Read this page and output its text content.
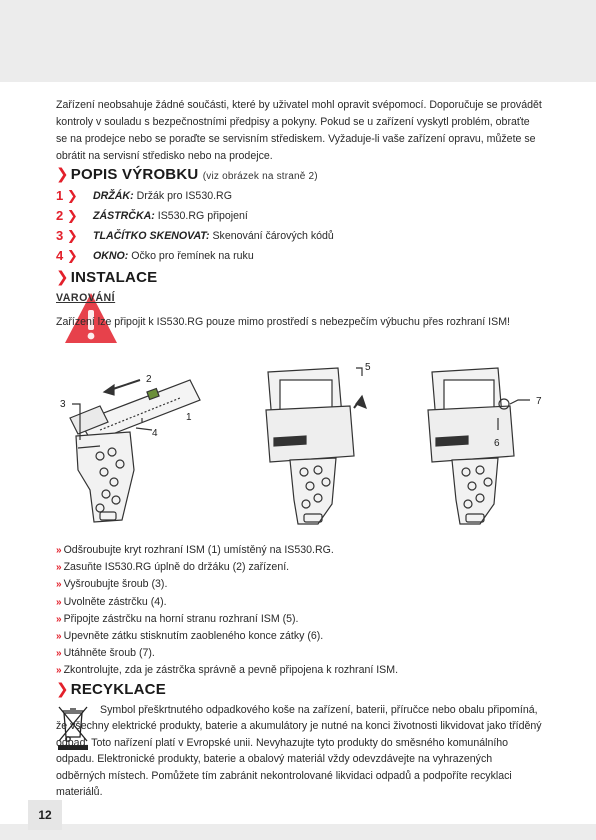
Zařízení neobsahuje žádné součásti, které by uživatel mohl opravit svépomocí. Doporučuje se provádět kontroly v souladu s bezpečnostními předpisy a pokyny. Pokud se u zařízení vyskytl problém, obraťte se na prodejce nebo se poraďte se servisním střediskem. Vyžaduje-li vaše zařízení opravu, můžete se obrátit na servisní středisko nebo na prodejce.

❯ POPIS VÝROBKU (viz obrázek na straně 2)
1 ❯ DRŽÁK: Držák pro IS530.RG
2 ❯ ZÁSTRČKA: IS530.RG připojení
3 ❯ TLAČÍTKO SKENOVAT: Skenování čárových kódů
4 ❯ OKNO: Očko pro řemínek na ruku
❯ INSTALACE
VAROVÁNÍ
Zařízení lze připojit k IS530.RG pouze mimo prostředí s nebezpečím výbuchu přes rozhraní ISM!
2
3
4
1
5
6
7
» Odšroubujte kryt rozhraní ISM (1) umístěný na IS530.RG.
» Zasuňte IS530.RG úplně do držáku (2) zařízení.
» Vyšroubujte šroub (3).
» Uvolněte zástrčku (4).
» Připojte zástrčku na horní stranu rozhraní ISM (5).
» Upevněte zátku stisknutím zaobleného konce zátky (6).
» Utáhněte šroub (7).
» Zkontrolujte, zda je zástrčka správně a pevně připojena k rozhraní ISM.
❯ RECYKLACE

Symbol přeškrtnutého odpadkového koše na zařízení, baterii, příručce nebo obalu připomíná, že všechny elektrické produkty, baterie a akumulátory je nutné na konci životnosti likvidovat jako tříděný odpad. Toto nařízení platí v Evropské unii. Nevyhazujte tyto produkty do směsného komunálního odpadu. Elektronické produkty, baterie a obalový materiál vždy odevzdávejte na vyhrazených odběrných místech. Pomůžete tím zabránit nekontrolované likvidaci odpadů a podpoříte recyklaci materiálů.

12
